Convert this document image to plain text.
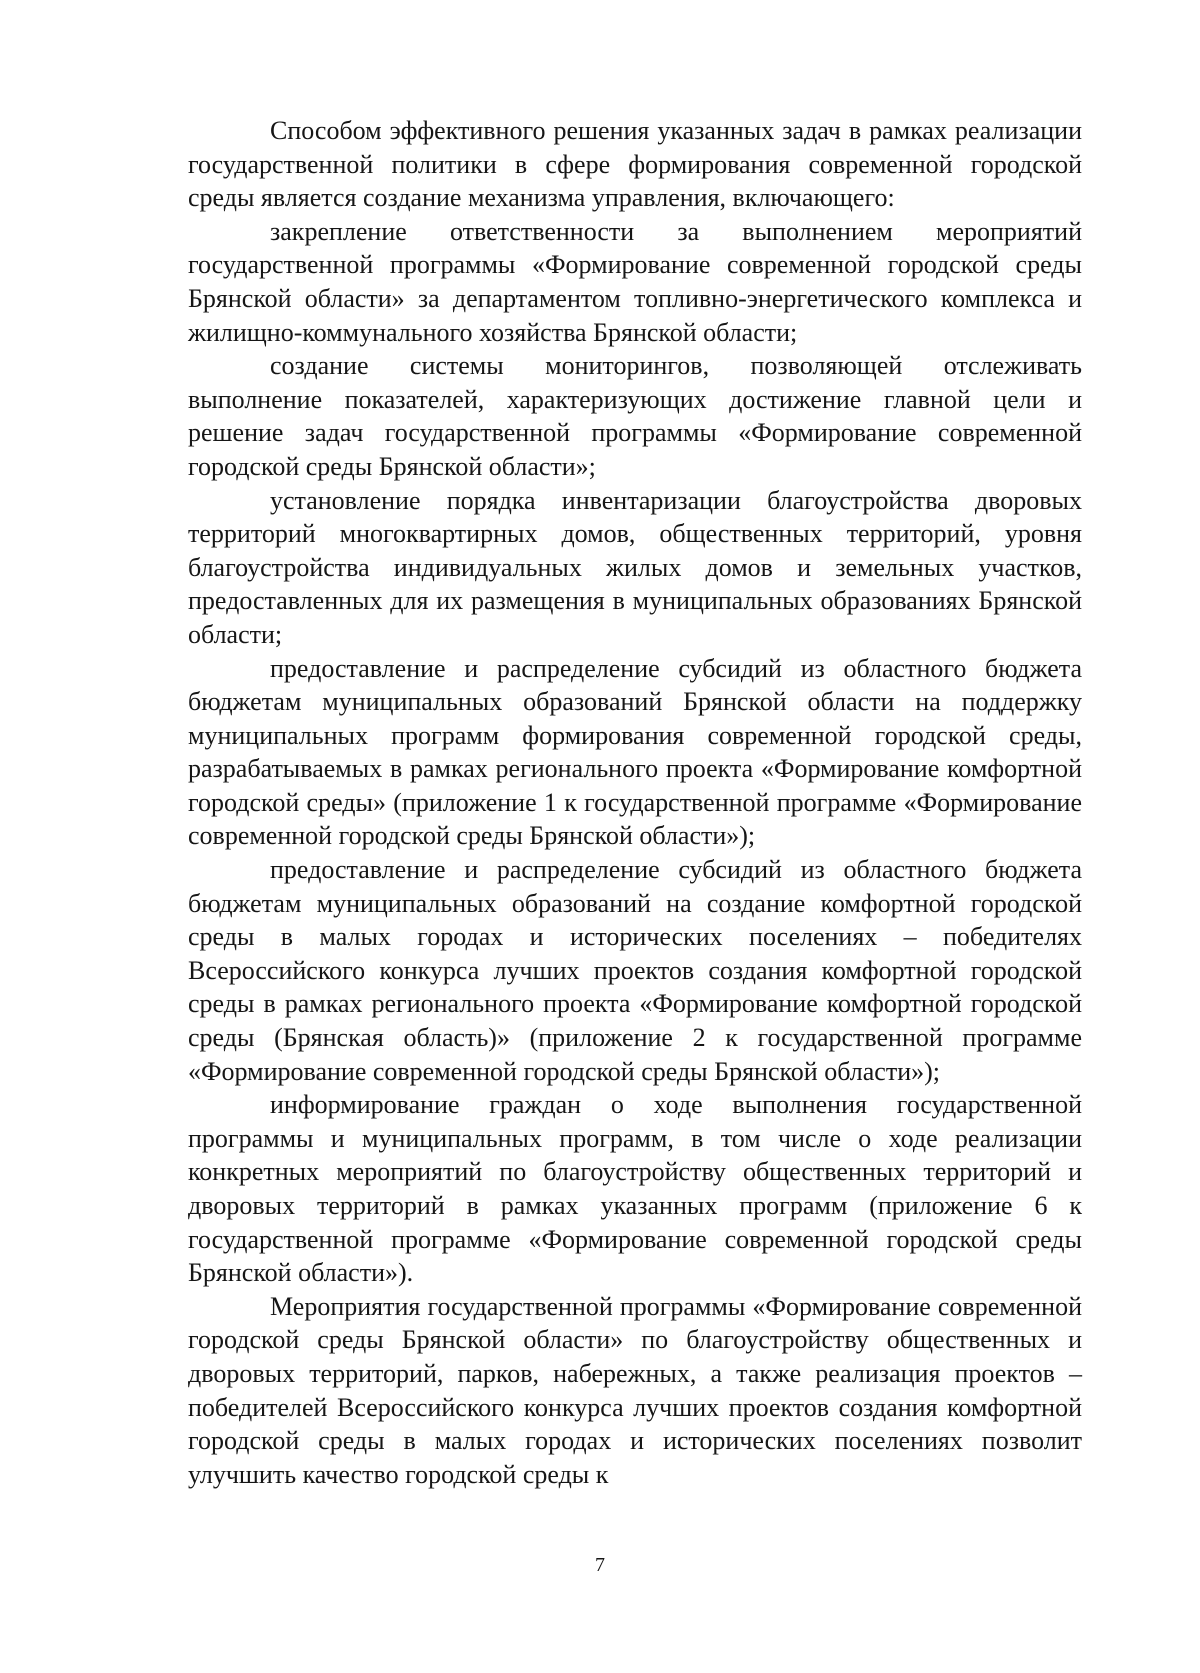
Способом эффективного решения указанных задач в рамках реализации государственной политики в сфере формирования современной городской среды является создание механизма управления, включающего:

закрепление ответственности за выполнением мероприятий государственной программы «Формирование современной городской среды Брянской области» за департаментом топливно-энергетического комплекса и жилищно-коммунального хозяйства Брянской области;

создание системы мониторингов, позволяющей отслеживать выполнение показателей, характеризующих достижение главной цели и решение задач государственной программы «Формирование современной городской среды Брянской области»;

установление порядка инвентаризации благоустройства дворовых территорий многоквартирных домов, общественных территорий, уровня благоустройства индивидуальных жилых домов и земельных участков, предоставленных для их размещения в муниципальных образованиях Брянской области;

предоставление и распределение субсидий из областного бюджета бюджетам муниципальных образований Брянской области на поддержку муниципальных программ формирования современной городской среды, разрабатываемых в рамках регионального проекта «Формирование комфортной городской среды» (приложение 1 к государственной программе «Формирование современной городской среды Брянской области»);

предоставление и распределение субсидий из областного бюджета бюджетам муниципальных образований на создание комфортной городской среды в малых городах и исторических поселениях – победителях Всероссийского конкурса лучших проектов создания комфортной городской среды в рамках регионального проекта «Формирование комфортной городской среды (Брянская область)» (приложение 2 к государственной программе «Формирование современной городской среды Брянской области»);

информирование граждан о ходе выполнения государственной программы и муниципальных программ, в том числе о ходе реализации конкретных мероприятий по благоустройству общественных территорий и дворовых территорий в рамках указанных программ (приложение 6 к государственной программе «Формирование современной городской среды Брянской области»).

Мероприятия государственной программы «Формирование современной городской среды Брянской области» по благоустройству общественных и дворовых территорий, парков, набережных, а также реализация проектов – победителей Всероссийского конкурса лучших проектов создания комфортной городской среды в малых городах и исторических поселениях позволит улучшить качество городской среды к

7
